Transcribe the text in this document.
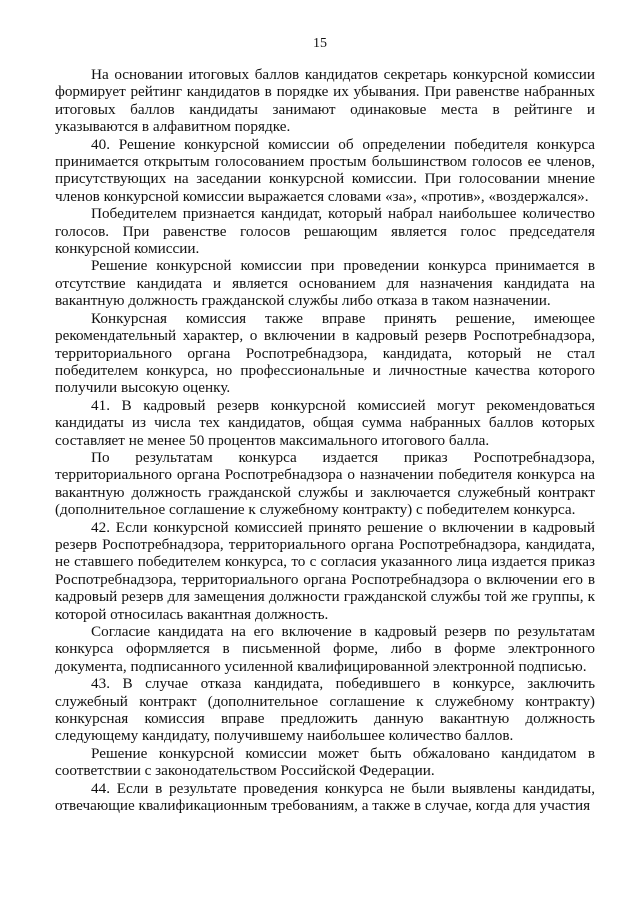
15

На основании итоговых баллов кандидатов секретарь конкурсной комиссии формирует рейтинг кандидатов в порядке их убывания. При равенстве набранных итоговых баллов кандидаты занимают одинаковые места в рейтинге и указываются в алфавитном порядке.

40. Решение конкурсной комиссии об определении победителя конкурса принимается открытым голосованием простым большинством голосов ее членов, присутствующих на заседании конкурсной комиссии. При голосовании мнение членов конкурсной комиссии выражается словами «за», «против», «воздержался».

Победителем признается кандидат, который набрал наибольшее количество голосов. При равенстве голосов решающим является голос председателя конкурсной комиссии.

Решение конкурсной комиссии при проведении конкурса принимается в отсутствие кандидата и является основанием для назначения кандидата на вакантную должность гражданской службы либо отказа в таком назначении.

Конкурсная комиссия также вправе принять решение, имеющее рекомендательный характер, о включении в кадровый резерв Роспотребнадзора, территориального органа Роспотребнадзора, кандидата, который не стал победителем конкурса, но профессиональные и личностные качества которого получили высокую оценку.

41. В кадровый резерв конкурсной комиссией могут рекомендоваться кандидаты из числа тех кандидатов, общая сумма набранных баллов которых составляет не менее 50 процентов максимального итогового балла.

По результатам конкурса издается приказ Роспотребнадзора, территориального органа Роспотребнадзора о назначении победителя конкурса на вакантную должность гражданской службы и заключается служебный контракт (дополнительное соглашение к служебному контракту) с победителем конкурса.

42. Если конкурсной комиссией принято решение о включении в кадровый резерв Роспотребнадзора, территориального органа Роспотребнадзора, кандидата, не ставшего победителем конкурса, то с согласия указанного лица издается приказ Роспотребнадзора, территориального органа Роспотребнадзора о включении его в кадровый резерв для замещения должности гражданской службы той же группы, к которой относилась вакантная должность.

Согласие кандидата на его включение в кадровый резерв по результатам конкурса оформляется в письменной форме, либо в форме электронного документа, подписанного усиленной квалифицированной электронной подписью.

43. В случае отказа кандидата, победившего в конкурсе, заключить служебный контракт (дополнительное соглашение к служебному контракту) конкурсная комиссия вправе предложить данную вакантную должность следующему кандидату, получившему наибольшее количество баллов.

Решение конкурсной комиссии может быть обжаловано кандидатом в соответствии с законодательством Российской Федерации.

44. Если в результате проведения конкурса не были выявлены кандидаты, отвечающие квалификационным требованиям, а также в случае, когда для участия
